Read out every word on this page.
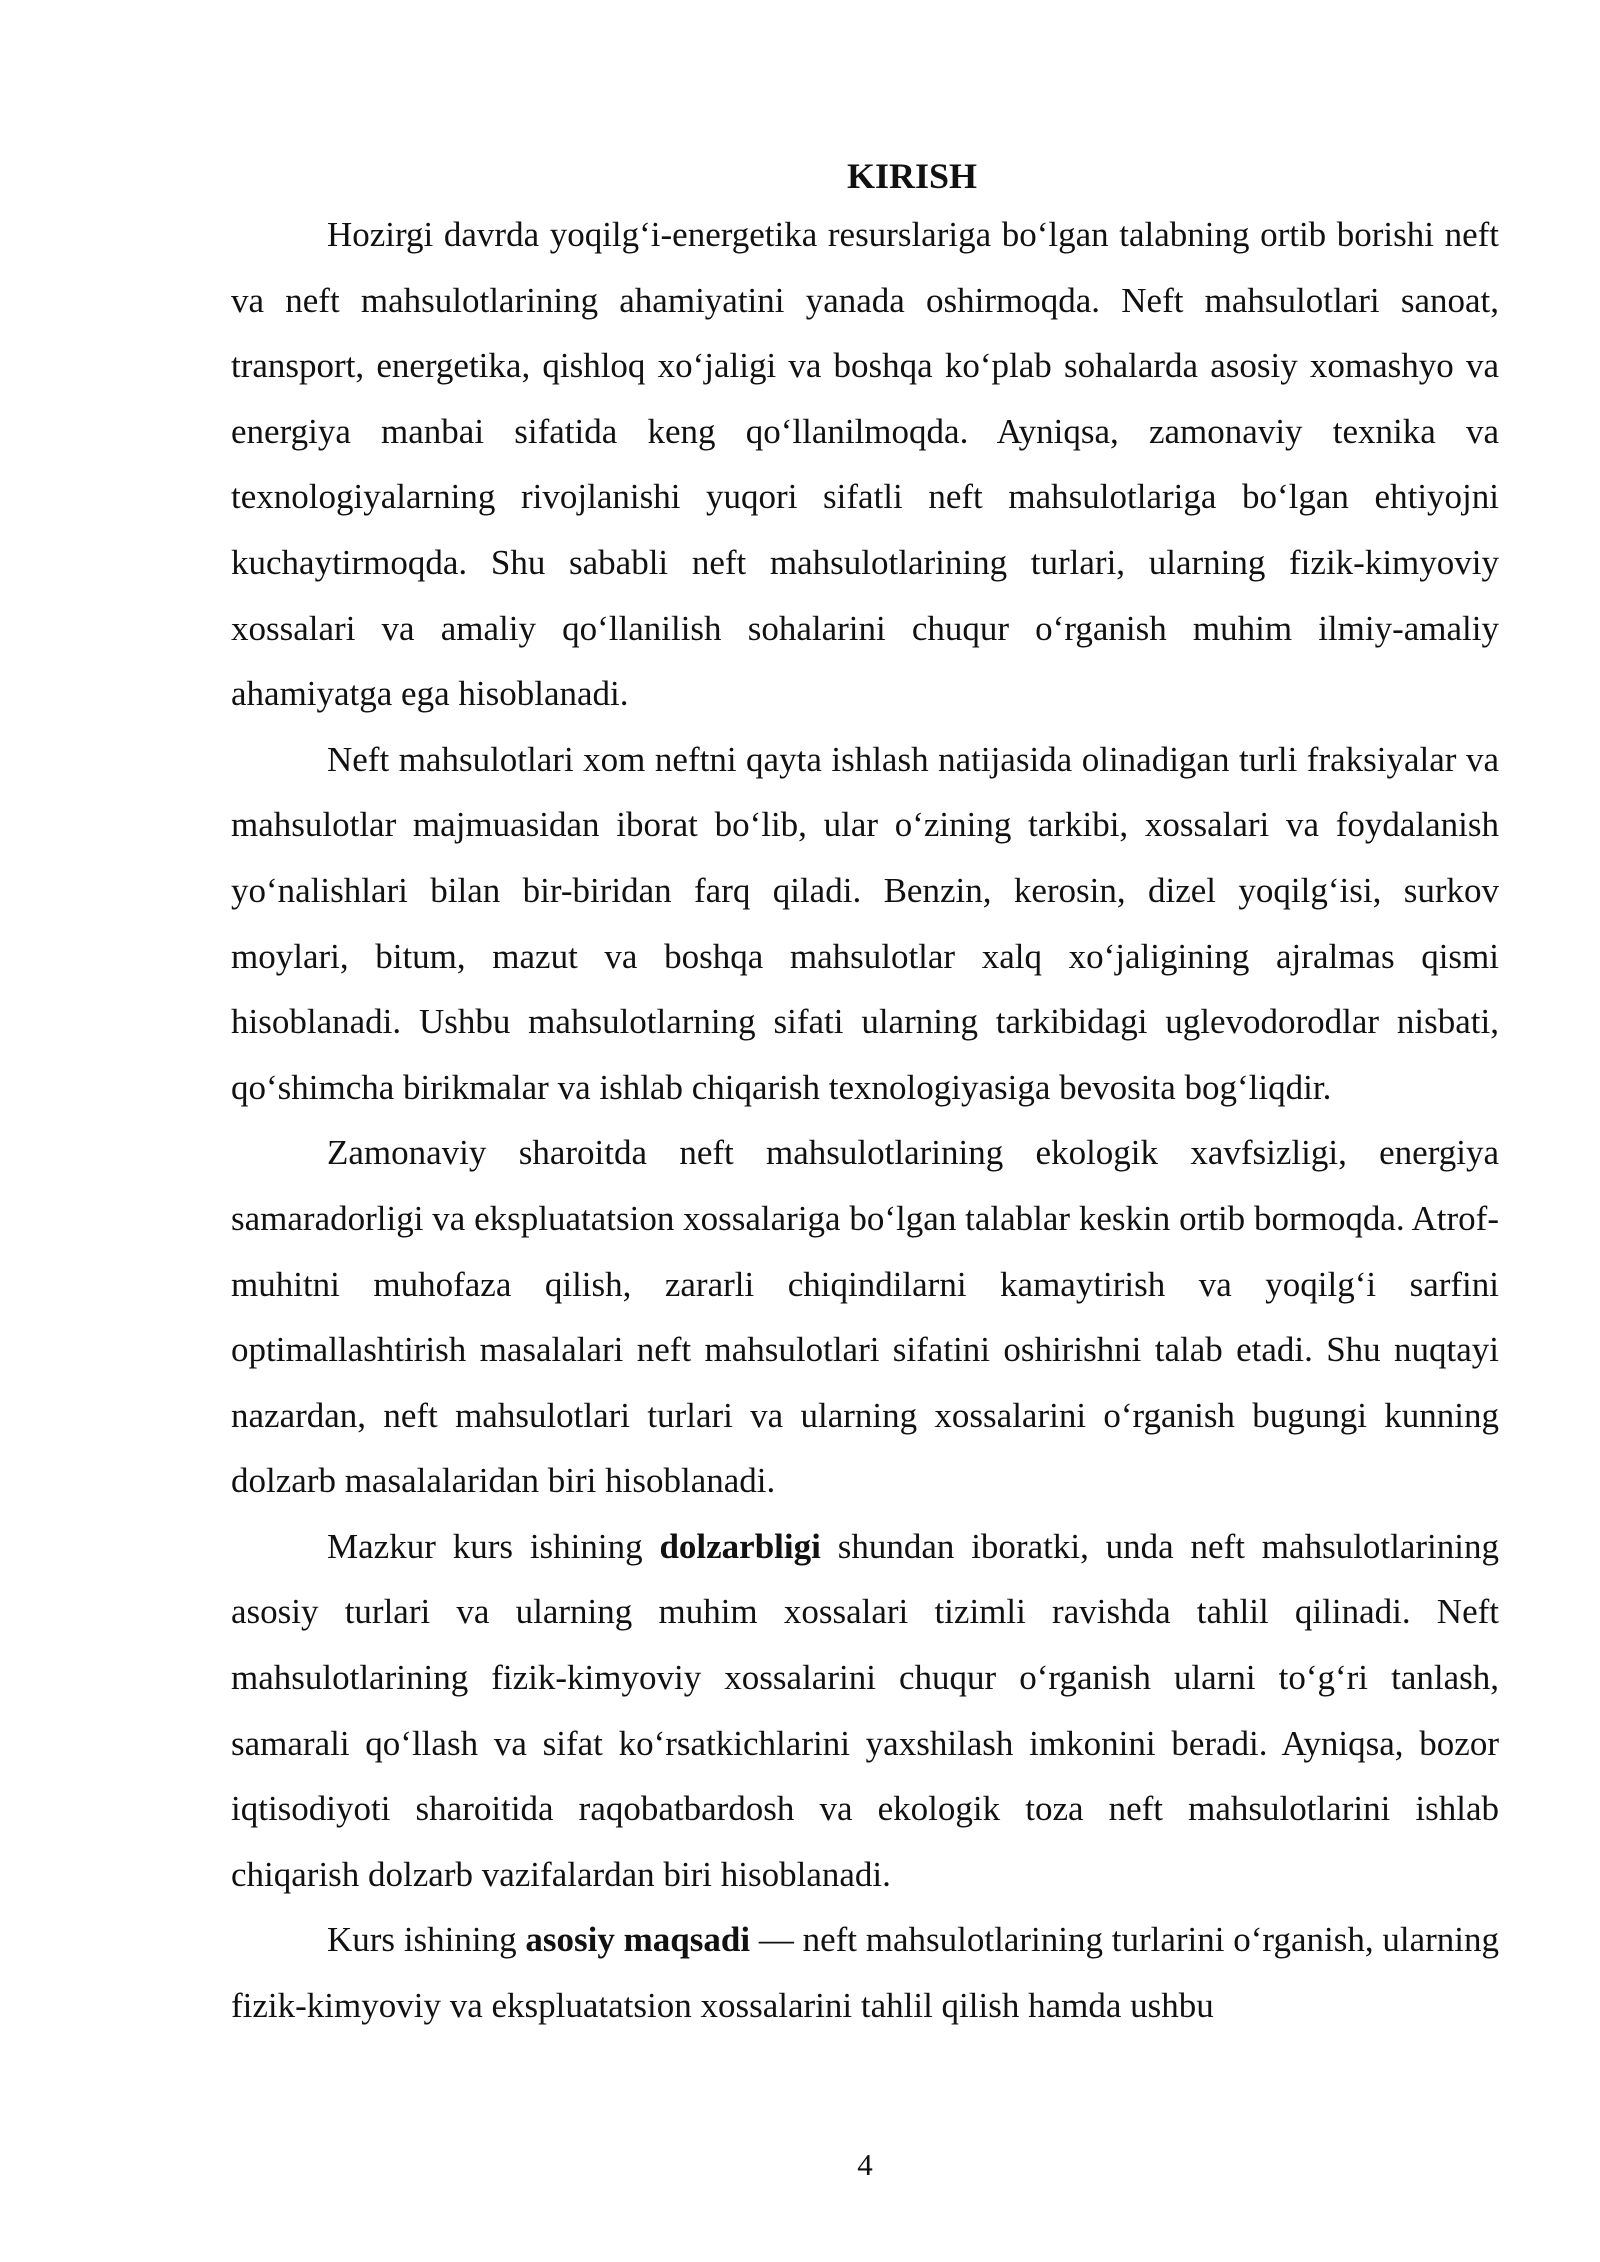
KIRISH

Hozirgi davrda yoqilg‘i-energetika resurslariga bo‘lgan talabning ortib borishi neft va neft mahsulotlarining ahamiyatini yanada oshirmoqda. Neft mahsulotlari sanoat, transport, energetika, qishloq xo‘jaligi va boshqa ko‘plab sohalarda asosiy xomashyo va energiya manbai sifatida keng qo‘llanilmoqda. Ayniqsa, zamonaviy texnika va texnologiyalarning rivojlanishi yuqori sifatli neft mahsulotlariga bo‘lgan ehtiyojni kuchaytirmoqda. Shu sababli neft mahsulotlarining turlari, ularning fizik-kimyoviy xossalari va amaliy qo‘llanilish sohalarini chuqur o‘rganish muhim ilmiy-amaliy ahamiyatga ega hisoblanadi.

Neft mahsulotlari xom neftni qayta ishlash natijasida olinadigan turli fraksiyalar va mahsulotlar majmuasidan iborat bo‘lib, ular o‘zining tarkibi, xossalari va foydalanish yo‘nalishlari bilan bir-biridan farq qiladi. Benzin, kerosin, dizel yoqilg‘isi, surkov moylari, bitum, mazut va boshqa mahsulotlar xalq xo‘jaligining ajralmas qismi hisoblanadi. Ushbu mahsulotlarning sifati ularning tarkibidagi uglevodorodlar nisbati, qo‘shimcha birikmalar va ishlab chiqarish texnologiyasiga bevosita bog‘liqdir.

Zamonaviy sharoitda neft mahsulotlarining ekologik xavfsizligi, energiya samaradorligi va ekspluatatsion xossalariga bo‘lgan talablar keskin ortib bormoqda. Atrof-muhitni muhofaza qilish, zararli chiqindilarni kamaytirish va yoqilg‘i sarfini optimallashtirish masalalari neft mahsulotlari sifatini oshirishni talab etadi. Shu nuqtayi nazardan, neft mahsulotlari turlari va ularning xossalarini o‘rganish bugungi kunning dolzarb masalalaridan biri hisoblanadi.

Mazkur kurs ishining dolzarbligi shundan iboratki, unda neft mahsulotlarining asosiy turlari va ularning muhim xossalari tizimli ravishda tahlil qilinadi. Neft mahsulotlarining fizik-kimyoviy xossalarini chuqur o‘rganish ularni to‘g‘ri tanlash, samarali qo‘llash va sifat ko‘rsatkichlarini yaxshilash imkonini beradi. Ayniqsa, bozor iqtisodiyoti sharoitida raqobatbardosh va ekologik toza neft mahsulotlarini ishlab chiqarish dolzarb vazifalardan biri hisoblanadi.

Kurs ishining asosiy maqsadi — neft mahsulotlarining turlarini o‘rganish, ularning fizik-kimyoviy va ekspluatatsion xossalarini tahlil qilish hamda ushbu

4
